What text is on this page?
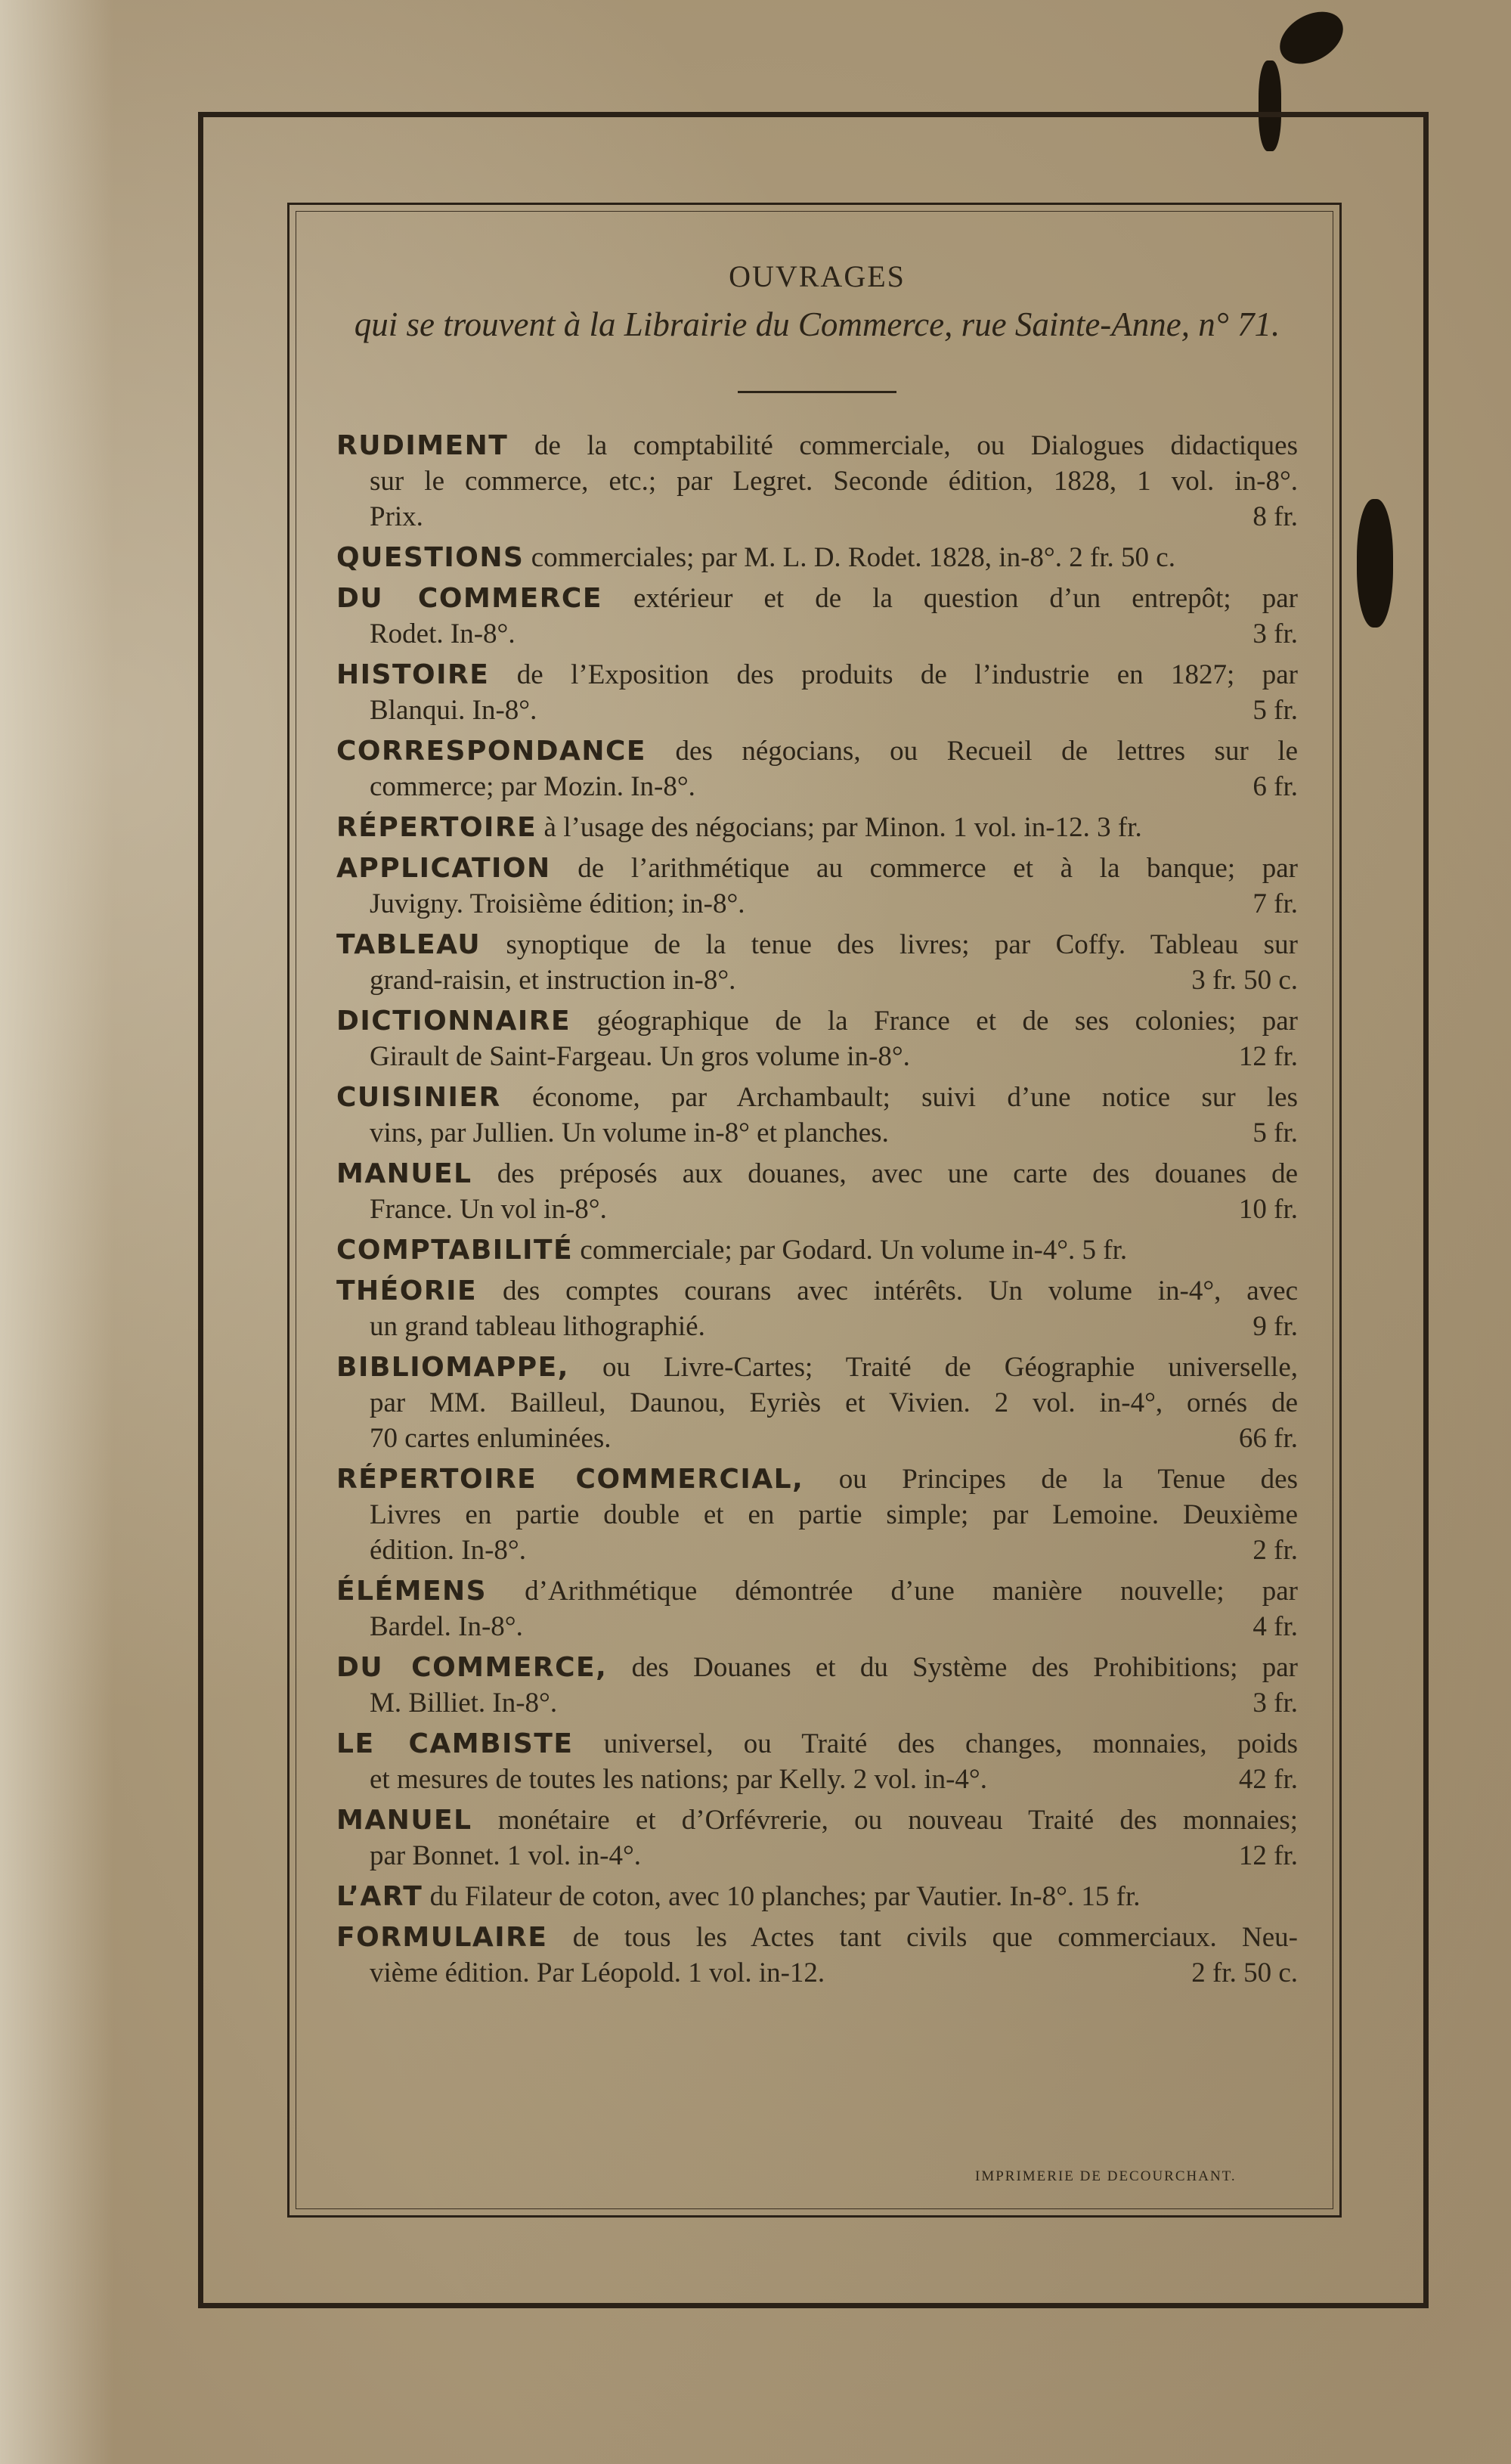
OUVRAGES
qui se trouvent à la Librairie du Commerce, rue Sainte-Anne, n° 71.

RUDIMENT de la comptabilité commerciale, ou Dialogues didactiques

sur le commerce, etc.; par Legret. Seconde édition, 1828, 1 vol. in-8°.

Prix.	8 fr.

QUESTIONS commerciales; par M. L. D. Rodet. 1828, in-8°. 2 fr. 50 c.

DU COMMERCE extérieur et de la question d’un entrepôt; par

Rodet. In-8°.	3 fr.

HISTOIRE de l’Exposition des produits de l’industrie en 1827; par

Blanqui. In-8°.	5 fr.

CORRESPONDANCE des négocians, ou Recueil de lettres sur le

commerce; par Mozin. In-8°.	6 fr.

RÉPERTOIRE à l’usage des négocians; par Minon. 1 vol. in-12. 3 fr.

APPLICATION de l’arithmétique au commerce et à la banque; par

Juvigny. Troisième édition; in-8°.	7 fr.

TABLEAU synoptique de la tenue des livres; par Coffy. Tableau sur

grand-raisin, et instruction in-8°.	3 fr. 50 c.

DICTIONNAIRE géographique de la France et de ses colonies; par

Girault de Saint-Fargeau. Un gros volume in-8°.	12 fr.

CUISINIER économe, par Archambault; suivi d’une notice sur les

vins, par Jullien. Un volume in-8° et planches.	5 fr.

MANUEL des préposés aux douanes, avec une carte des douanes de

France. Un vol in-8°.	10 fr.

COMPTABILITÉ commerciale; par Godard. Un volume in-4°. 5 fr.

THÉORIE des comptes courans avec intérêts. Un volume in-4°, avec

un grand tableau lithographié.	9 fr.

BIBLIOMAPPE, ou Livre-Cartes; Traité de Géographie universelle,

par MM. Bailleul, Daunou, Eyriès et Vivien. 2 vol. in-4°, ornés de

70 cartes enluminées.	66 fr.

RÉPERTOIRE COMMERCIAL, ou Principes de la Tenue des

Livres en partie double et en partie simple; par Lemoine. Deuxième

édition. In-8°.	2 fr.

ÉLÉMENS d’Arithmétique démontrée d’une manière nouvelle; par

Bardel. In-8°.	4 fr.

DU COMMERCE, des Douanes et du Système des Prohibitions; par

M. Billiet. In-8°.	3 fr.

LE CAMBISTE universel, ou Traité des changes, monnaies, poids

et mesures de toutes les nations; par Kelly. 2 vol. in-4°.	42 fr.

MANUEL monétaire et d’Orfévrerie, ou nouveau Traité des monnaies;

par Bonnet. 1 vol. in-4°.	12 fr.

L’ART du Filateur de coton, avec 10 planches; par Vautier. In-8°. 15 fr.

FORMULAIRE de tous les Actes tant civils que commerciaux. Neu-

vième édition. Par Léopold. 1 vol. in-12.	2 fr. 50 c.

IMPRIMERIE DE DECOURCHANT.
